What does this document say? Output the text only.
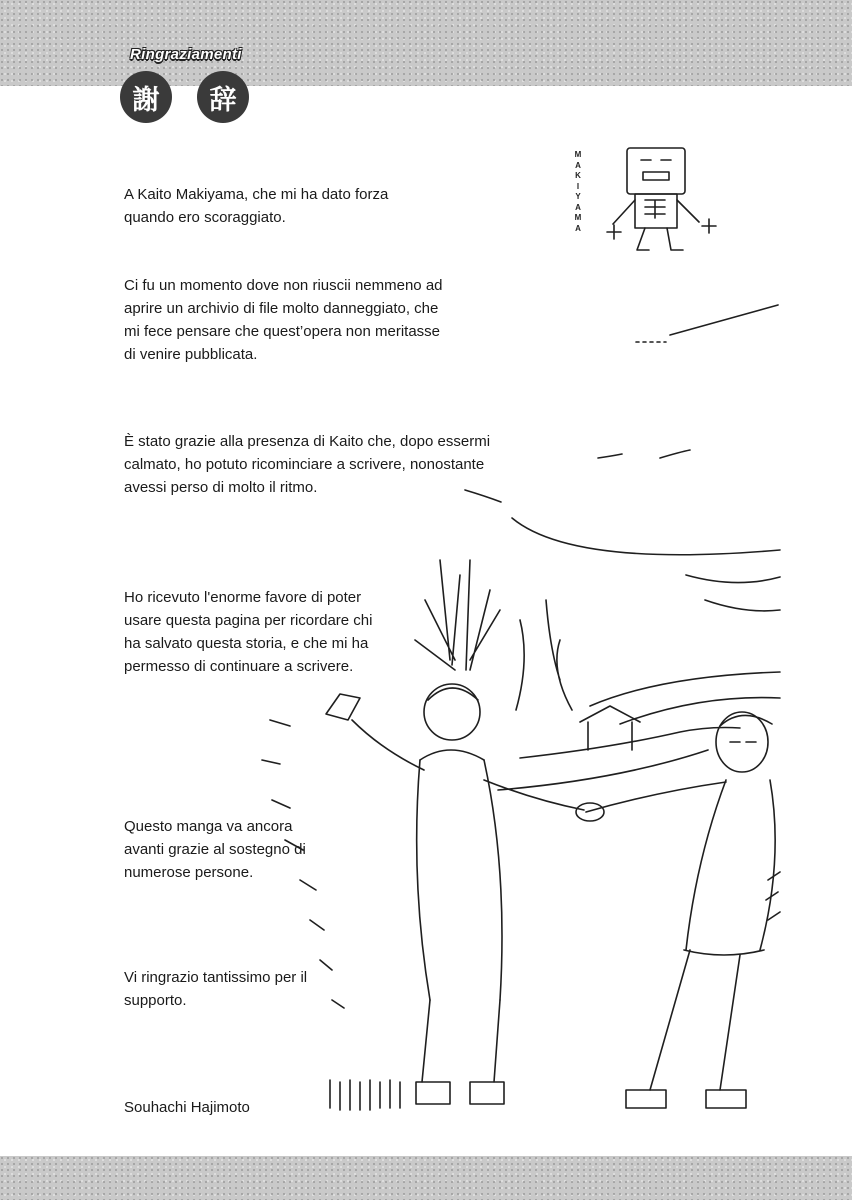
Ringraziamenti
謝	辞
M
A
K
I
Y
A
M
A

A Kaito Makiyama, che mi ha dato forza
quando ero scoraggiato.

Ci fu un momento dove non riuscii nemmeno ad
aprire un archivio di file molto danneggiato, che
mi fece pensare che quest’opera non meritasse
di venire pubblicata.

È stato grazie alla presenza di Kaito che, dopo essermi
calmato, ho potuto ricominciare a scrivere, nonostante
avessi perso di molto il ritmo.

Ho ricevuto l'enorme favore di poter
usare questa pagina per ricordare chi
ha salvato questa storia, e che mi ha
permesso di continuare a scrivere.

Questo manga va ancora
avanti grazie al sostegno di
numerose persone.

Vi ringrazio tantissimo per il
supporto.

Souhachi Hajimoto
